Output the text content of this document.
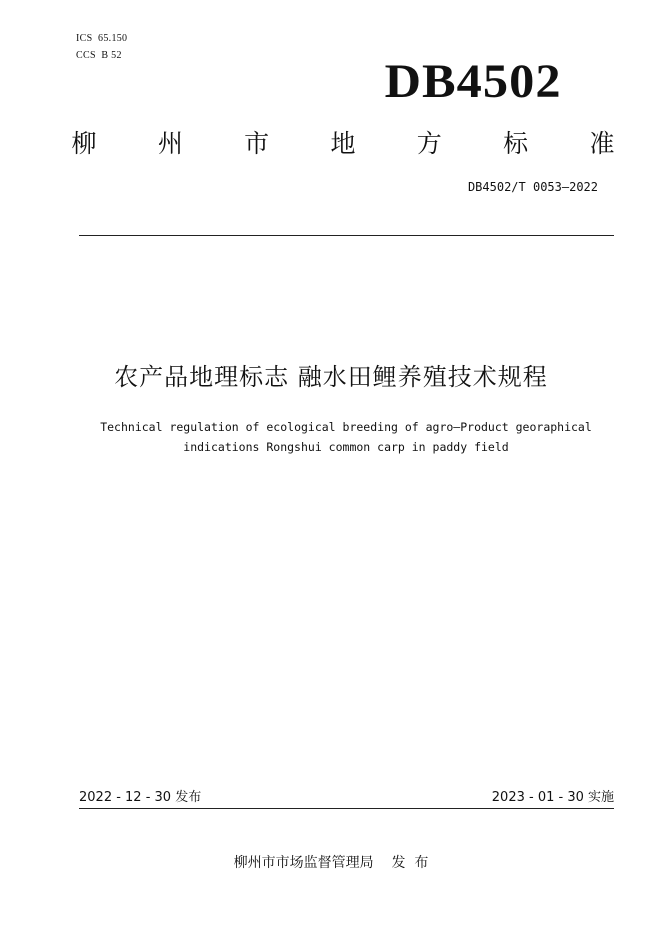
ICS  65.150
CCS  B 52	DB4502
柳 州 市 地 方 标 准
DB4502/T 0053—2022
农产品地理标志 融水田鲤养殖技术规程
Technical regulation of ecological breeding of agro—Product georaphical
indications Rongshui common carp in paddy field
2022 - 12 - 30 发布	2023 - 01 - 30 实施
柳州市市场监督管理局    发  布
